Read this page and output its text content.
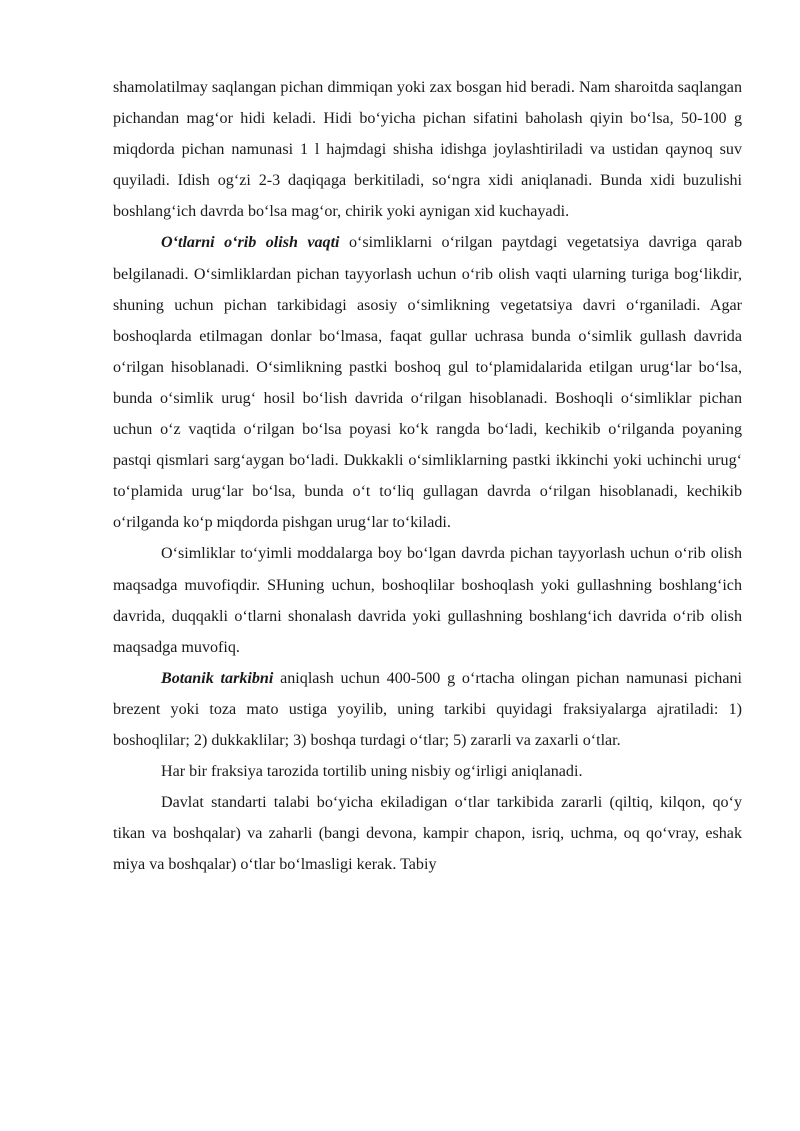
shamolatilmay saqlangan pichan dimmiqan yoki zax bosgan hid beradi. Nam sharoitda saqlangan pichandan mag‘or hidi keladi. Hidi bo‘yicha pichan sifatini baholash qiyin bo‘lsa, 50-100 g miqdorda pichan namunasi 1 l hajmdagi shisha idishga joylashtiriladi va ustidan qaynoq suv quyiladi. Idish og‘zi 2-3 daqiqaga berkitiladi, so‘ngra xidi aniqlanadi. Bunda xidi buzulishi boshlang‘ich davrda bo‘lsa mag‘or, chirik yoki aynigan xid kuchayadi.

O‘tlarni o‘rib olish vaqti o‘simliklarni o‘rilgan paytdagi vegetatsiya davriga qarab belgilanadi. O‘simliklardan pichan tayyorlash uchun o‘rib olish vaqti ularning turiga bog‘likdir, shuning uchun pichan tarkibidagi asosiy o‘simlikning vegetatsiya davri o‘rganiladi. Agar boshoqlarda etilmagan donlar bo‘lmasa, faqat gullar uchrasa bunda o‘simlik gullash davrida o‘rilgan hisoblanadi. O‘simlikning pastki boshoq gul to‘plamidalarida etilgan urug‘lar bo‘lsa, bunda o‘simlik urug‘ hosil bo‘lish davrida o‘rilgan hisoblanadi. Boshoqli o‘simliklar pichan uchun o‘z vaqtida o‘rilgan bo‘lsa poyasi ko‘k rangda bo‘ladi, kechikib o‘rilganda poyaning pastqi qismlari sarg‘aygan bo‘ladi. Dukkakli o‘simliklarning pastki ikkinchi yoki uchinchi urug‘ to‘plamida urug‘lar bo‘lsa, bunda o‘t to‘liq gullagan davrda o‘rilgan hisoblanadi, kechikib o‘rilganda ko‘p miqdorda pishgan urug‘lar to‘kiladi.

O‘simliklar to‘yimli moddalarga boy bo‘lgan davrda pichan tayyorlash uchun o‘rib olish maqsadga muvofiqdir. SHuning uchun, boshoqlilar boshoqlash yoki gullashning boshlang‘ich davrida, duqqakli o‘tlarni shonalash davrida yoki gullashning boshlang‘ich davrida o‘rib olish maqsadga muvofiq.

Botanik tarkibni aniqlash uchun 400-500 g o‘rtacha olingan pichan namunasi pichani brezent yoki toza mato ustiga yoyilib, uning tarkibi quyidagi fraksiyalarga ajratiladi: 1) boshoqlilar; 2) dukkaklilar; 3) boshqa turdagi o‘tlar; 5) zararli va zaxarli o‘tlar.

Har bir fraksiya tarozida tortilib uning nisbiy og‘irligi aniqlanadi.

Davlat standarti talabi bo‘yicha ekiladigan o‘tlar tarkibida zararli (qiltiq, kilqon, qo‘y tikan va boshqalar) va zaharli (bangi devona, kampir chapon, isriq, uchma, oq qo‘vray, eshak miya va boshqalar) o‘tlar bo‘lmasligi kerak. Tabiy
